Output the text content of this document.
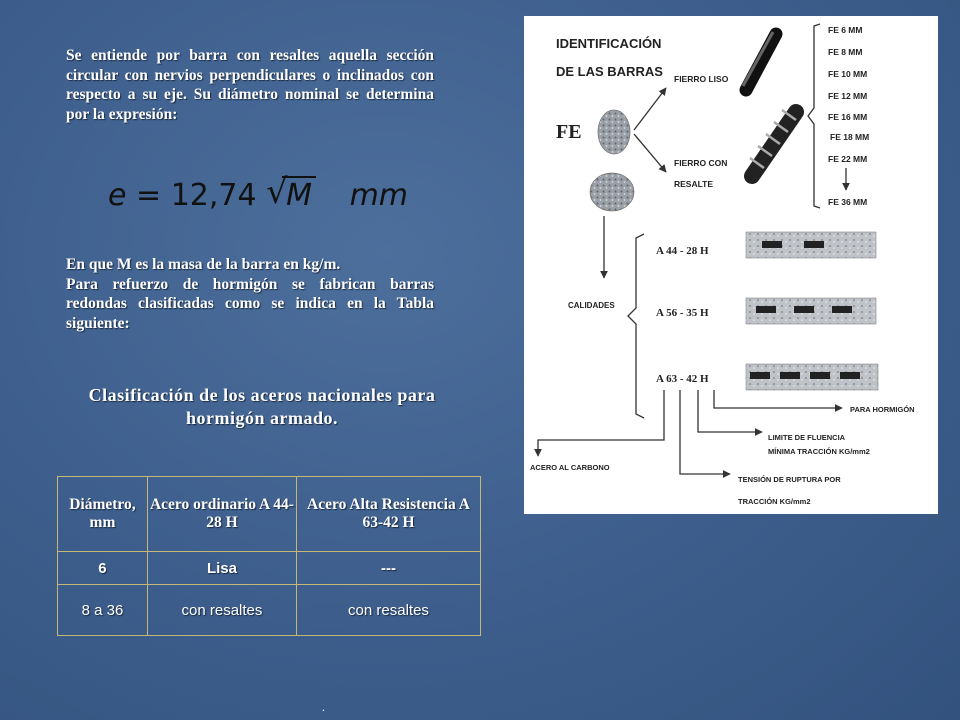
Se entiende por barra con resaltes aquella sección circular con nervios perpendiculares o inclinados con respecto a su eje. Su diámetro nominal se determina por la expresión:
e = 12,74 √
M mm
En que M es la masa de la barra en kg/m.
Para refuerzo de hormigón se fabrican barras redondas clasificadas como se indica en la Tabla siguiente:
Clasificación de los aceros nacionales para hormigón armado.
Diámetro, mm	Acero ordinario A 44-28 H	Acero Alta Resistencia A 63-42 H
6	Lisa	---
8 a 36	con resaltes	con resaltes
IDENTIFICACIÓN
DE LAS BARRAS
FE
FIERRO LISO
FIERRO CON
RESALTE
FE 6 MM
FE 8 MM
FE 10 MM
FE 12 MM
FE 16 MM
FE 18 MM
FE 22 MM
FE 36 MM
CALIDADES
A 44 - 28 H
A 56 - 35 H
A 63 - 42 H
PARA HORMIGÓN
LIMITE DE FLUENCIA
MÍNIMA TRACCIÓN KG/mm2
TENSIÓN DE RUPTURA POR
TRACCIÓN KG/mm2
ACERO AL CARBONO
.
